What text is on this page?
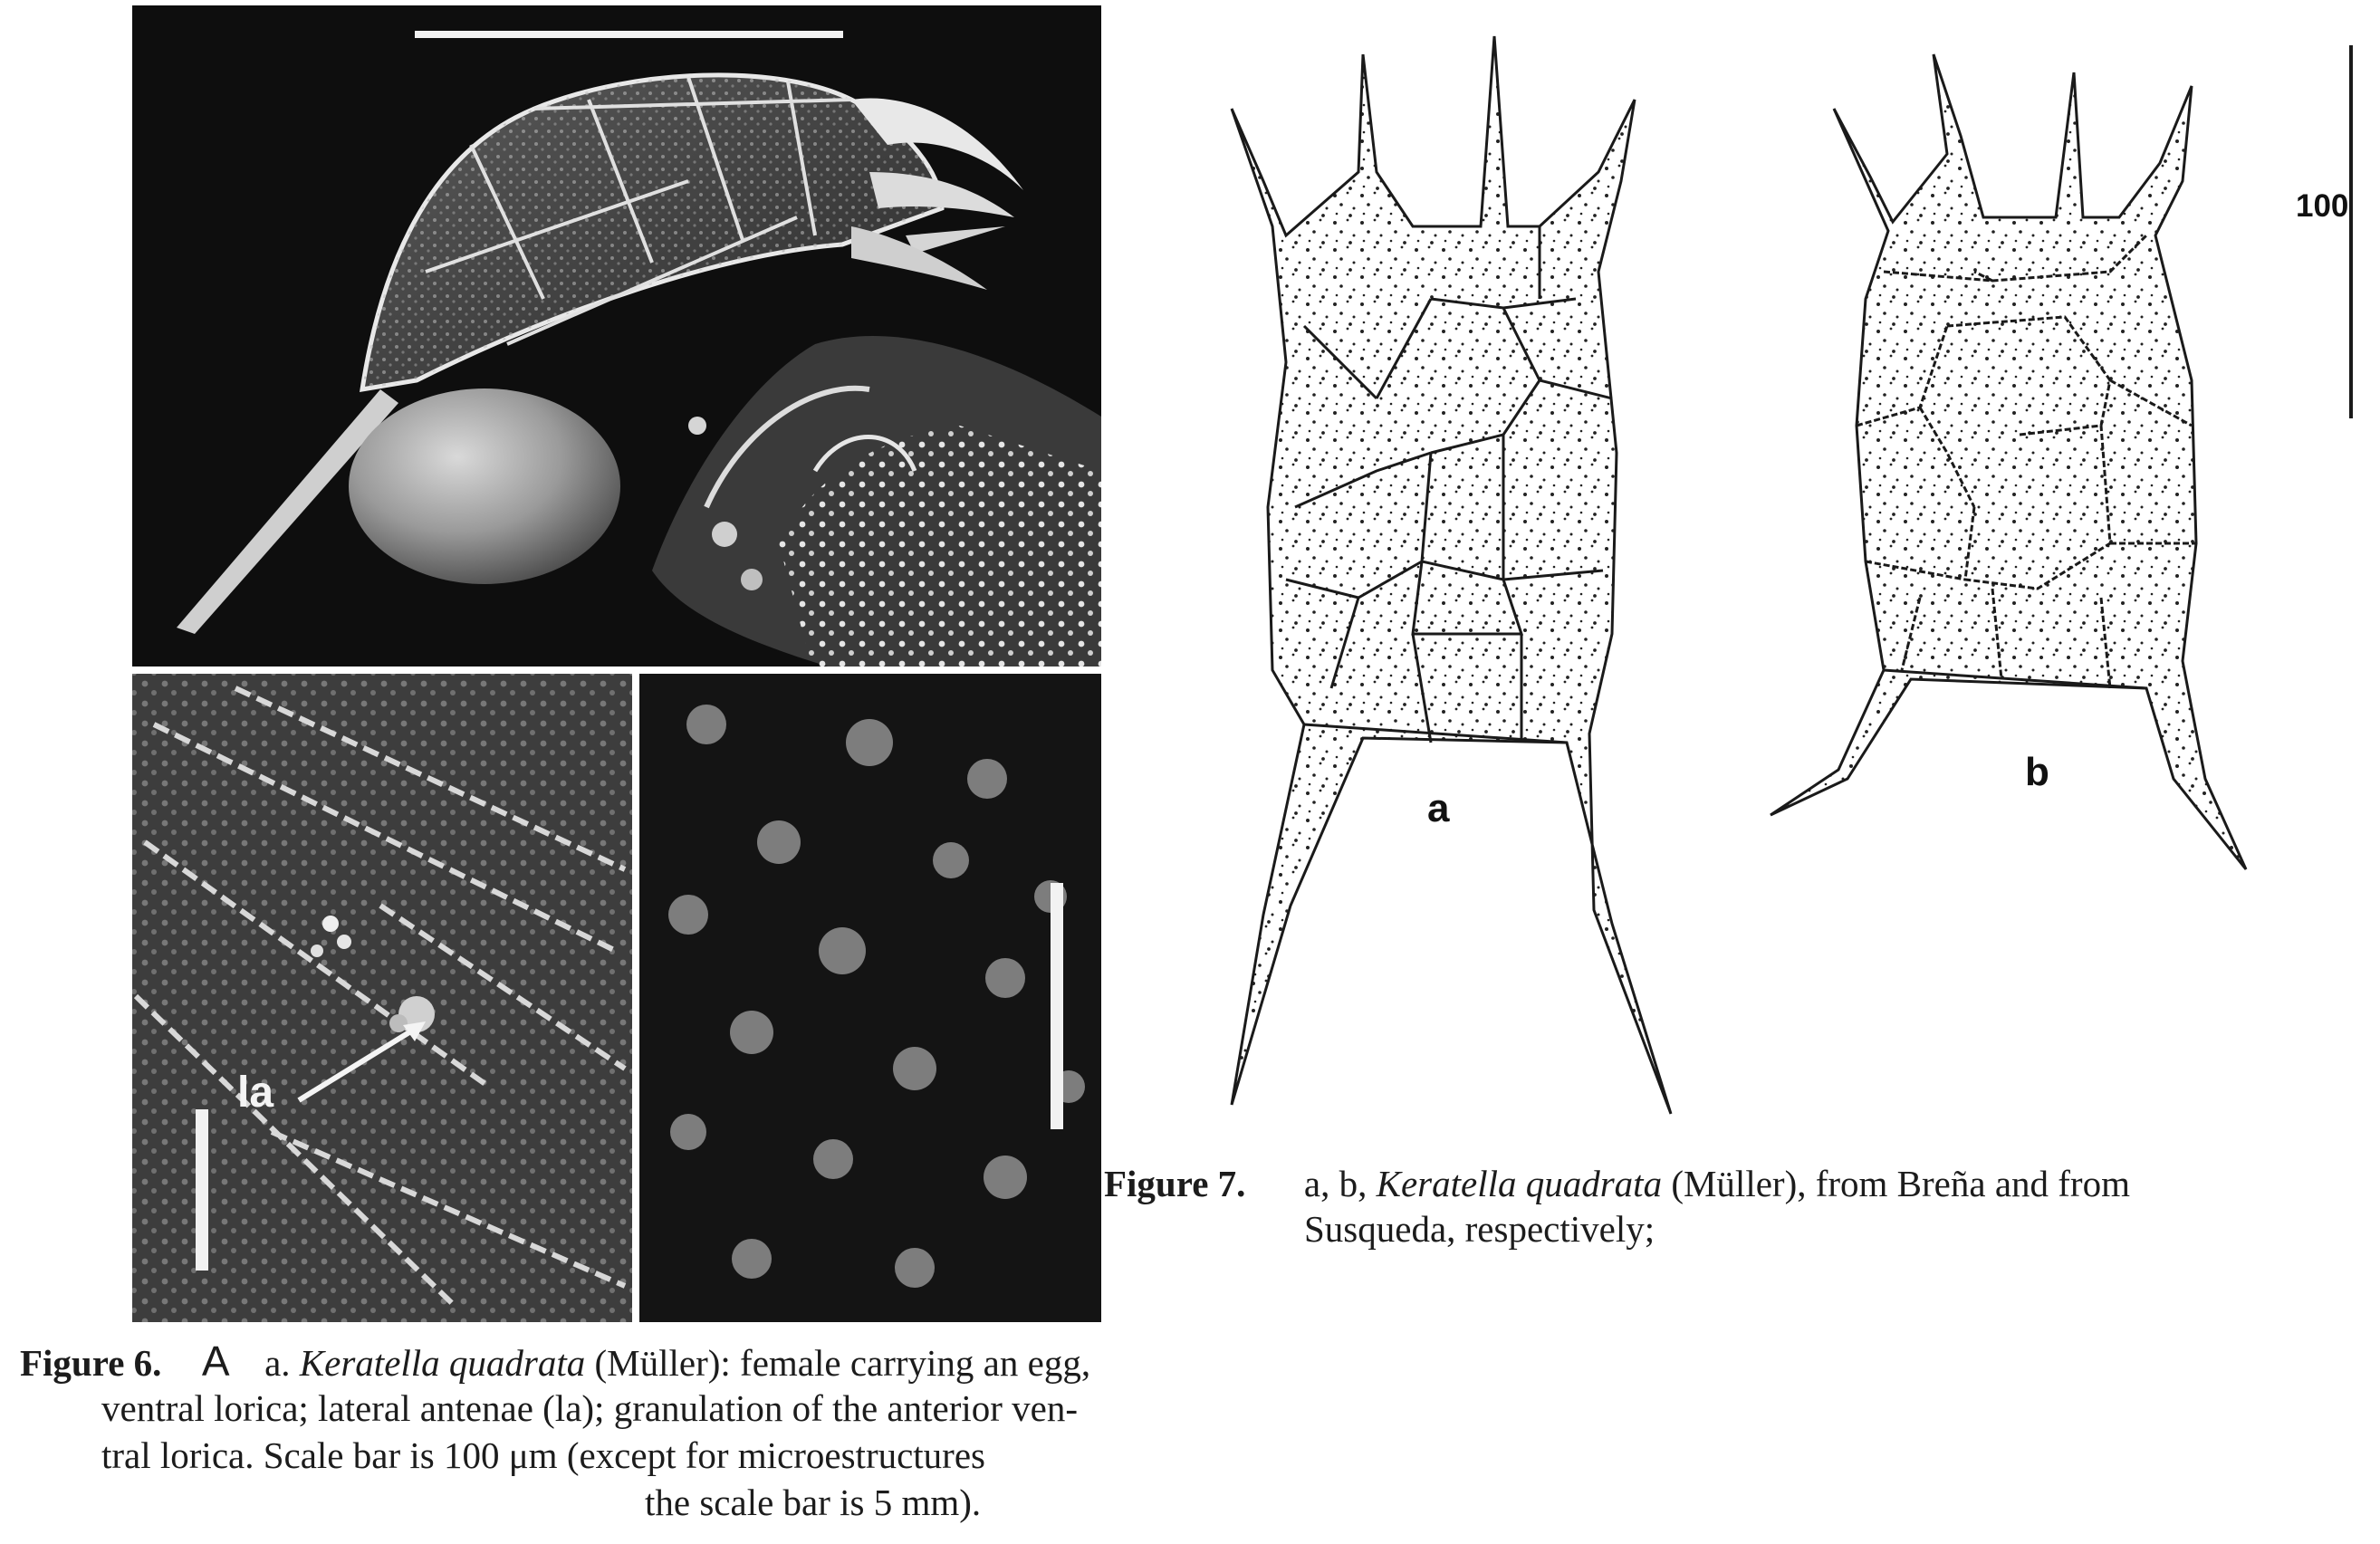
la
a
b
100
Figure 7. a, b, Keratella quadrata (Müller), from Breña and from
Susqueda, respectively;
Figure 6. A a. Keratella quadrata (Müller): female carrying an egg,
ventral lorica; lateral antenae (la); granulation of the anterior ven-
tral lorica. Scale bar is 100 μm (except for microestructures
the scale bar is 5 mm).
